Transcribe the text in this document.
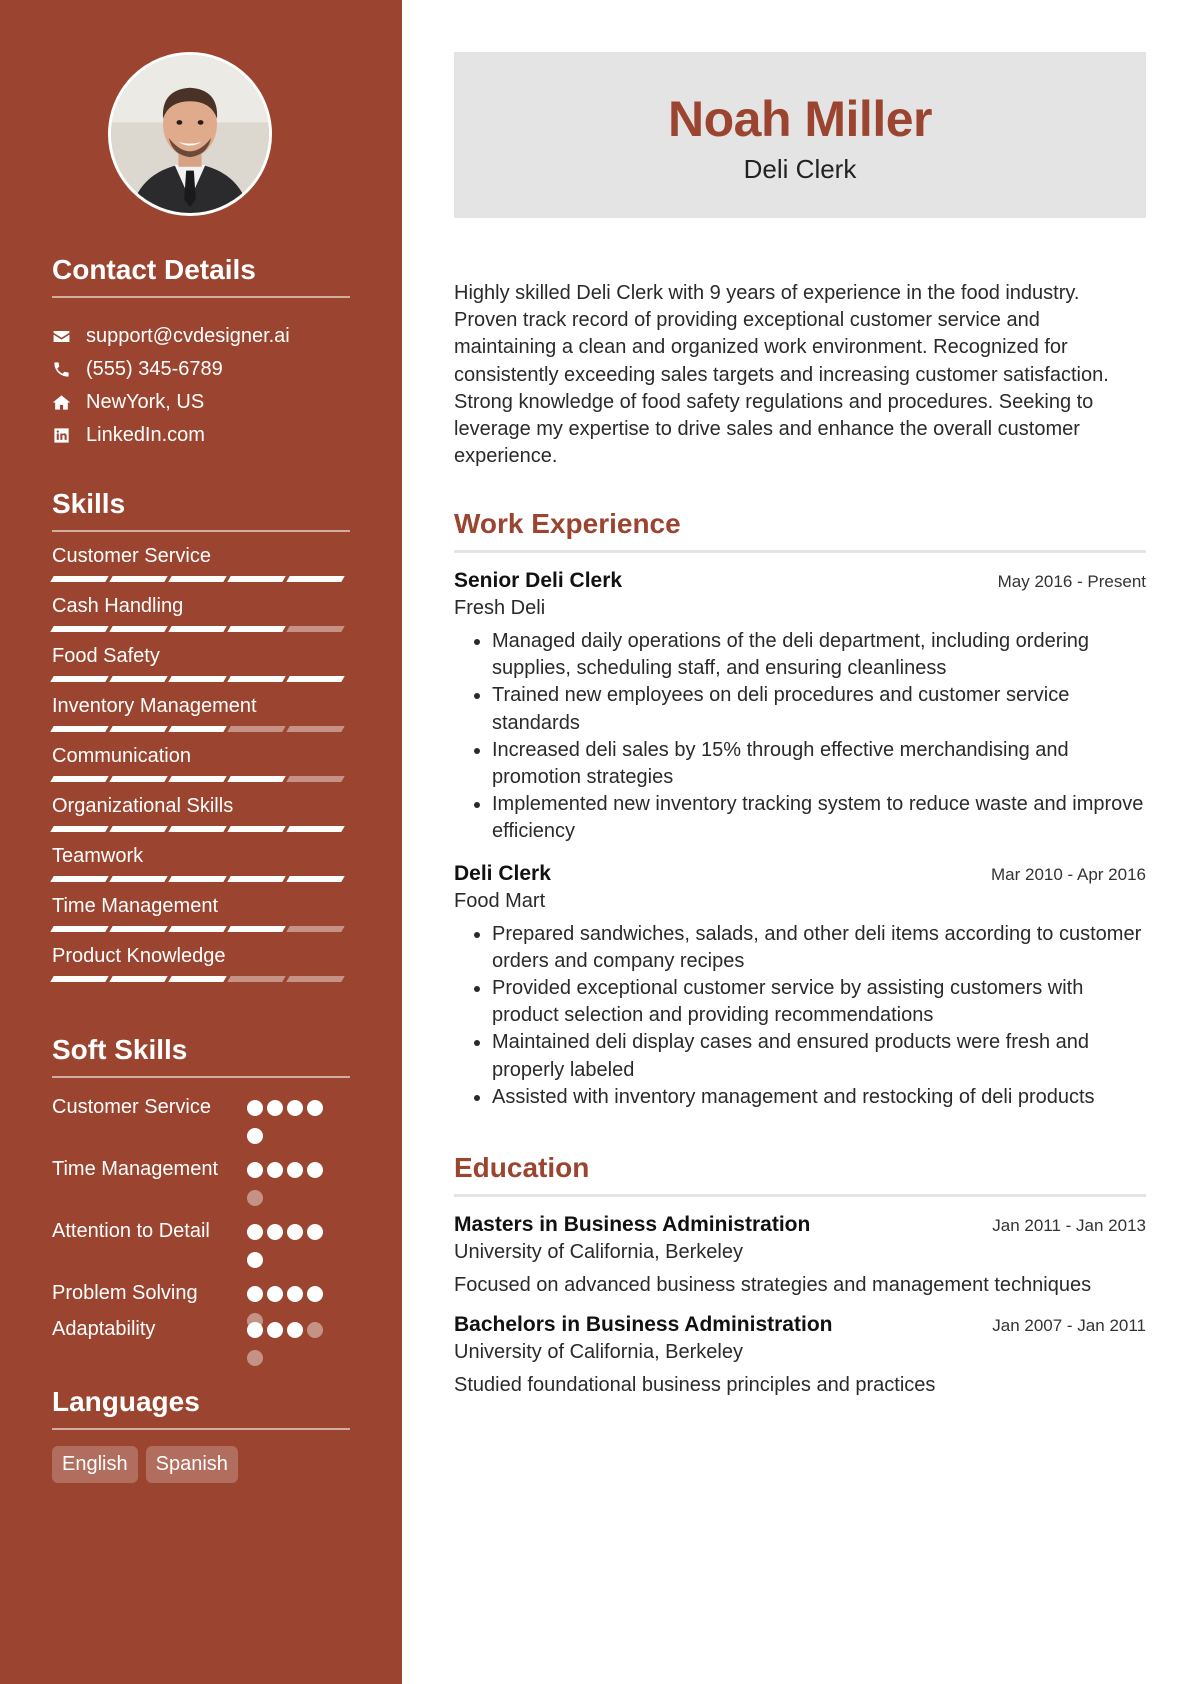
Contact Details
support@cvdesigner.ai
(555) 345-6789
NewYork, US
LinkedIn.com
Skills
Customer Service
Cash Handling
Food Safety
Inventory Management
Communication
Organizational Skills
Teamwork
Time Management
Product Knowledge
Soft Skills
Customer Service
Time Management
Attention to Detail
Problem Solving
Adaptability
Languages
English	Spanish
Noah Miller
Deli Clerk

Highly skilled Deli Clerk with 9 years of experience in the food industry. Proven track record of providing exceptional customer service and maintaining a clean and organized work environment. Recognized for consistently exceeding sales targets and increasing customer satisfaction. Strong knowledge of food safety regulations and procedures. Seeking to leverage my expertise to drive sales and enhance the overall customer experience.

Work Experience
Senior Deli Clerk	May 2016 - Present
Fresh Deli
• Managed daily operations of the deli department, including ordering supplies, scheduling staff, and ensuring cleanliness
• Trained new employees on deli procedures and customer service standards
• Increased deli sales by 15% through effective merchandising and promotion strategies
• Implemented new inventory tracking system to reduce waste and improve efficiency
Deli Clerk	Mar 2010 - Apr 2016
Food Mart
• Prepared sandwiches, salads, and other deli items according to customer orders and company recipes
• Provided exceptional customer service by assisting customers with product selection and providing recommendations
• Maintained deli display cases and ensured products were fresh and properly labeled
• Assisted with inventory management and restocking of deli products
Education
Masters in Business Administration	Jan 2011 - Jan 2013
University of California, Berkeley
Focused on advanced business strategies and management techniques
Bachelors in Business Administration	Jan 2007 - Jan 2011
University of California, Berkeley
Studied foundational business principles and practices
